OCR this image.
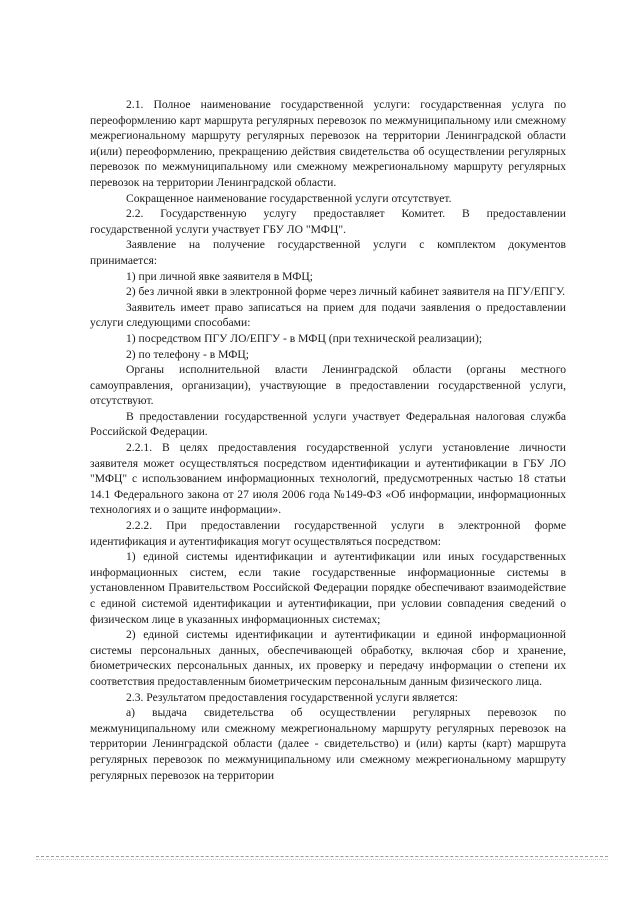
2.1. Полное наименование государственной услуги: государственная услуга по переоформлению карт маршрута регулярных перевозок по межмуниципальному или смежному межрегиональному маршруту регулярных перевозок на территории Ленинградской области и(или) переоформлению, прекращению действия свидетельства об осуществлении регулярных перевозок по межмуниципальному или смежному межрегиональному маршруту регулярных перевозок на территории Ленинградской области.

Сокращенное наименование государственной услуги отсутствует.

2.2. Государственную услугу предоставляет Комитет. В предоставлении государственной услуги участвует ГБУ ЛО "МФЦ".

Заявление на получение государственной услуги с комплектом документов принимается:

1) при личной явке заявителя в МФЦ;

2) без личной явки в электронной форме через личный кабинет заявителя на ПГУ/ЕПГУ.

Заявитель имеет право записаться на прием для подачи заявления о предоставлении услуги следующими способами:

1) посредством ПГУ ЛО/ЕПГУ - в МФЦ (при технической реализации);

2) по телефону - в МФЦ;

Органы исполнительной власти Ленинградской области (органы местного самоуправления, организации), участвующие в предоставлении государственной услуги, отсутствуют.

В предоставлении государственной услуги участвует Федеральная налоговая служба Российской Федерации.

2.2.1. В целях предоставления государственной услуги установление личности заявителя может осуществляться посредством идентификации и аутентификации в ГБУ ЛО "МФЦ" с использованием информационных технологий, предусмотренных частью 18 статьи 14.1 Федерального закона от 27 июля 2006 года №149-ФЗ «Об информации, информационных технологиях и о защите информации».

2.2.2. При предоставлении государственной услуги в электронной форме идентификация и аутентификация могут осуществляться посредством:

1) единой системы идентификации и аутентификации или иных государственных информационных систем, если такие государственные информационные системы в установленном Правительством Российской Федерации порядке обеспечивают взаимодействие с единой системой идентификации и аутентификации, при условии совпадения сведений о физическом лице в указанных информационных системах;

2) единой системы идентификации и аутентификации и единой информационной системы персональных данных, обеспечивающей обработку, включая сбор и хранение, биометрических персональных данных, их проверку и передачу информации о степени их соответствия предоставленным биометрическим персональным данным физического лица.

2.3. Результатом предоставления государственной услуги является:

а) выдача свидетельства об осуществлении регулярных перевозок по межмуниципальному или смежному межрегиональному маршруту регулярных перевозок на территории Ленинградской области (далее - свидетельство) и (или) карты (карт) маршрута регулярных перевозок по межмуниципальному или смежному межрегиональному маршруту регулярных перевозок на территории
